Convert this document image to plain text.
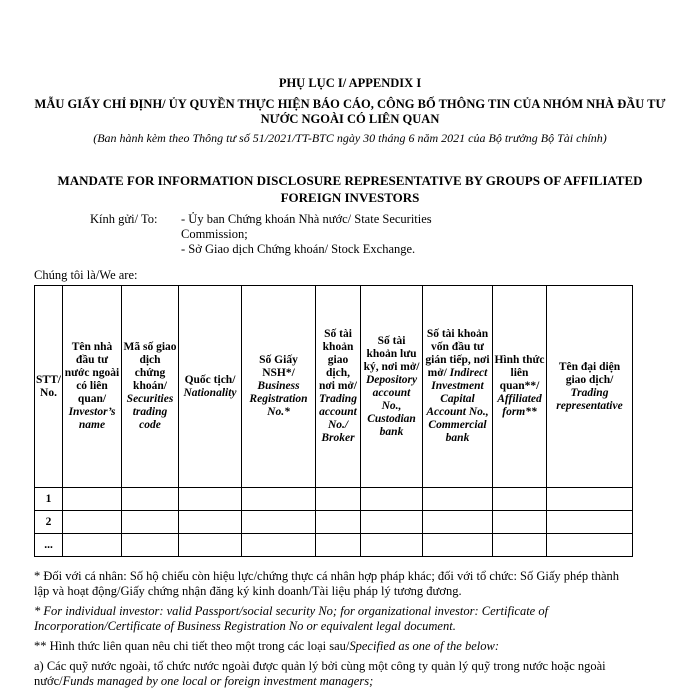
PHỤ LỤC I/ APPENDIX I
MẪU GIẤY CHỈ ĐỊNH/ ỦY QUYỀN THỰC HIỆN BÁO CÁO, CÔNG BỐ THÔNG TIN CỦA NHÓM NHÀ ĐẦU TƯ NƯỚC NGOÀI CÓ LIÊN QUAN
(Ban hành kèm theo Thông tư số 51/2021/TT-BTC ngày 30 tháng 6 năm 2021 của Bộ trưởng Bộ Tài chính)
MANDATE FOR INFORMATION DISCLOSURE REPRESENTATIVE BY GROUPS OF AFFILIATED FOREIGN INVESTORS
Kính gửi/ To: - Ủy ban Chứng khoán Nhà nước/ State Securities Commission;
- Sở Giao dịch Chứng khoán/ Stock Exchange.
Chúng tôi là/We are:
STT/ No.	Tên nhà đầu tư nước ngoài có liên quan/ Investor’s name	Mã số giao dịch chứng khoán/ Securities trading code	Quốc tịch/ Nationality	Số Giấy NSH*/ Business Registration No.*	Số tài khoản giao dịch, nơi mở/ Trading account No./ Broker	Số tài khoản lưu ký, nơi mở/ Depository account No., Custodian bank	Số tài khoản vốn đầu tư gián tiếp, nơi mở/ Indirect Investment Capital Account No., Commercial bank	Hình thức liên quan**/ Affiliated form**	Tên đại diện giao dịch/ Trading representative
1									
2									
...									

* Đối với cá nhân: Số hộ chiếu còn hiệu lực/chứng thực cá nhân hợp pháp khác; đối với tổ chức: Số Giấy phép thành lập và hoạt động/Giấy chứng nhận đăng ký kinh doanh/Tài liệu pháp lý tương đương.

* For individual investor: valid Passport/social security No; for organizational investor: Certificate of Incorporation/Certificate of Business Registration No or equivalent legal document.

** Hình thức liên quan nêu chi tiết theo một trong các loại sau/Specified as one of the below:

a) Các quỹ nước ngoài, tổ chức nước ngoài được quản lý bởi cùng một công ty quản lý quỹ trong nước hoặc ngoài nước/Funds managed by one local or foreign investment managers;
